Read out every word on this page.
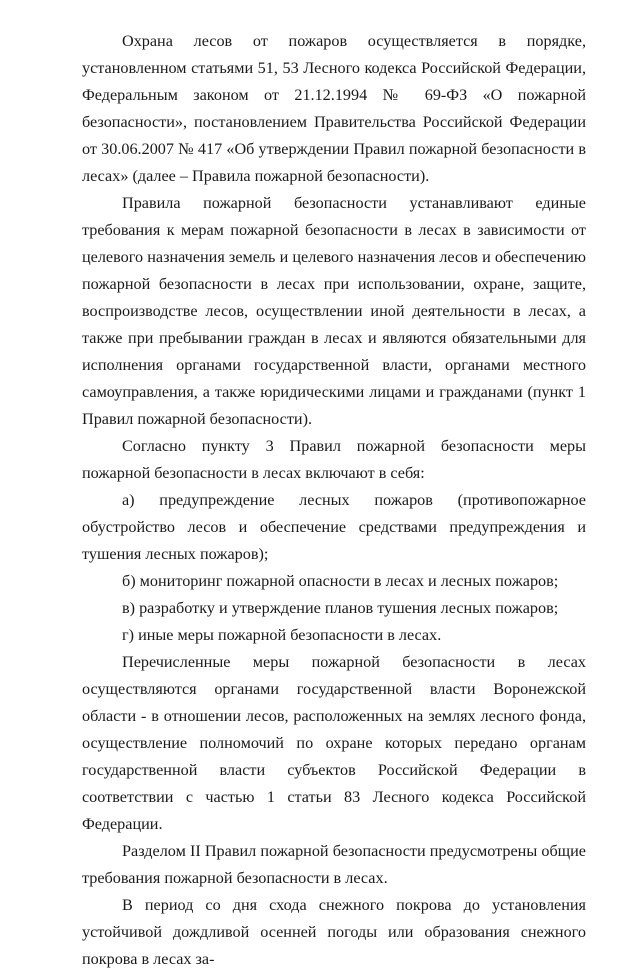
Охрана лесов от пожаров осуществляется в порядке, установленном статьями 51, 53 Лесного кодекса Российской Федерации, Федеральным законом от 21.12.1994 № 69-ФЗ «О пожарной безопасности», постановлением Правительства Российской Федерации от 30.06.2007 № 417 «Об утверждении Правил пожарной безопасности в лесах» (далее – Правила пожарной безопасности).

Правила пожарной безопасности устанавливают единые требования к мерам пожарной безопасности в лесах в зависимости от целевого назначения земель и целевого назначения лесов и обеспечению пожарной безопасности в лесах при использовании, охране, защите, воспроизводстве лесов, осуществлении иной деятельности в лесах, а также при пребывании граждан в лесах и являются обязательными для исполнения органами государственной власти, органами местного самоуправления, а также юридическими лицами и гражданами (пункт 1 Правил пожарной безопасности).

Согласно пункту 3 Правил пожарной безопасности меры пожарной безопасности в лесах включают в себя:

а) предупреждение лесных пожаров (противопожарное обустройство лесов и обеспечение средствами предупреждения и тушения лесных пожаров);

б) мониторинг пожарной опасности в лесах и лесных пожаров;

в) разработку и утверждение планов тушения лесных пожаров;

г) иные меры пожарной безопасности в лесах.

Перечисленные меры пожарной безопасности в лесах осуществляются органами государственной власти Воронежской области - в отношении лесов, расположенных на землях лесного фонда, осуществление полномочий по охране которых передано органам государственной власти субъектов Российской Федерации в соответствии с частью 1 статьи 83 Лесного кодекса Российской Федерации.

Разделом II Правил пожарной безопасности предусмотрены общие требования пожарной безопасности в лесах.

В период со дня схода снежного покрова до установления устойчивой дождливой осенней погоды или образования снежного покрова в лесах за-
